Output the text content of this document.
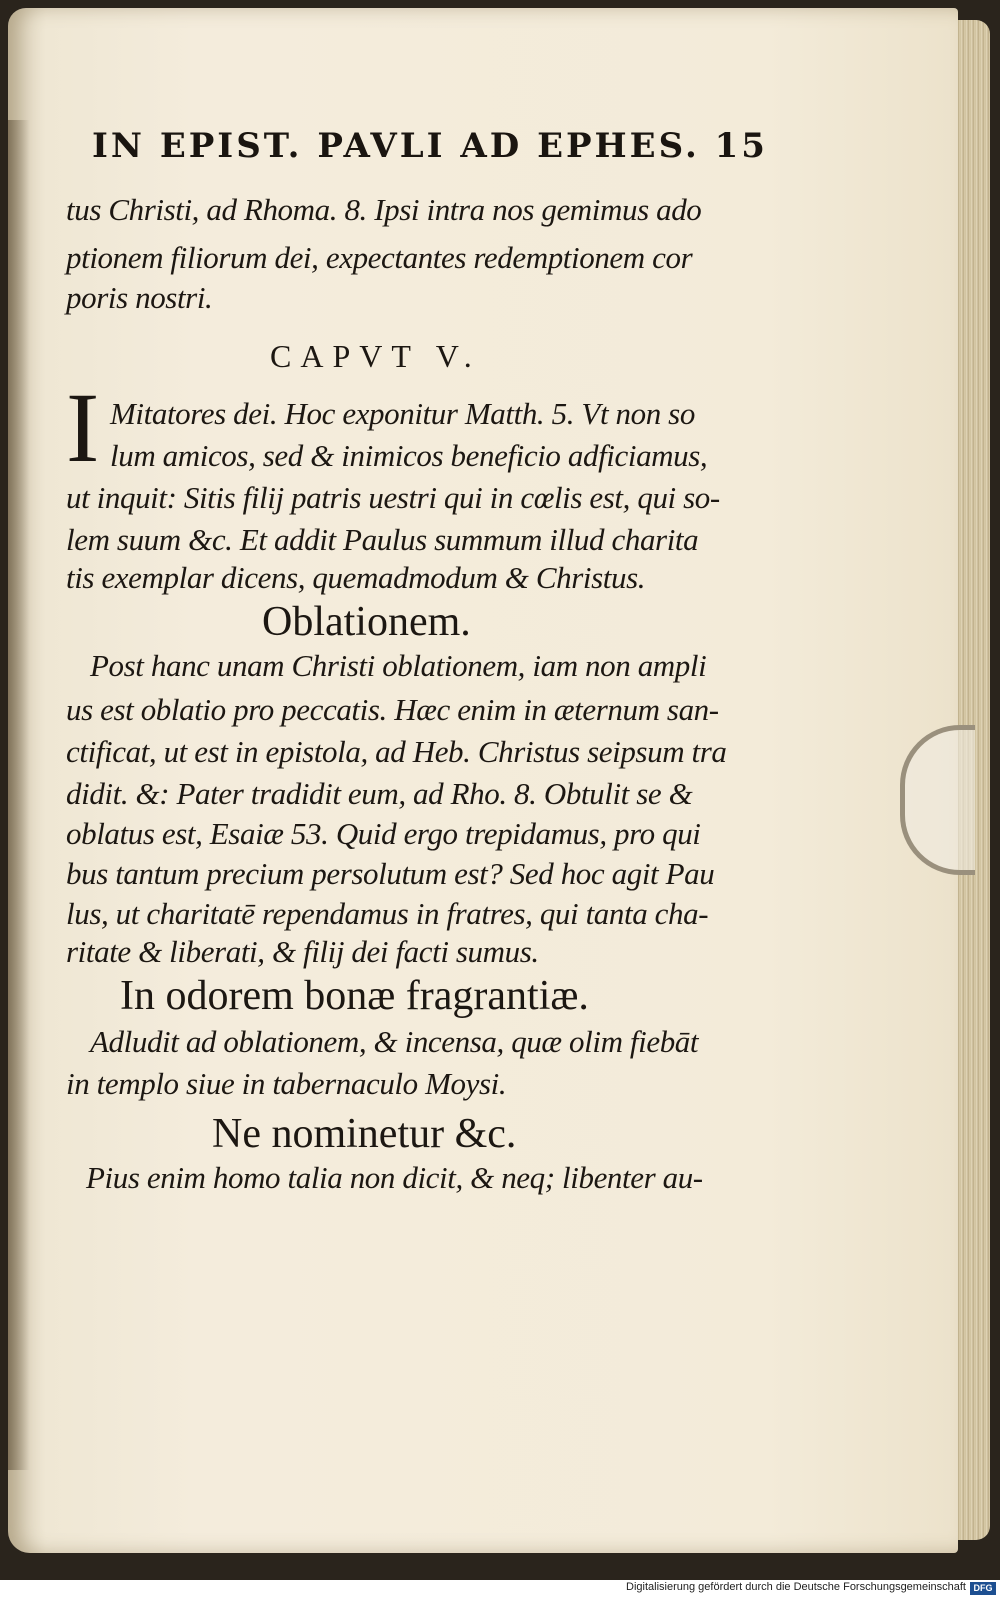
IN EPIST. PAVLI AD EPHES. 15
tus Christi, ad Rhoma. 8. Ipsi intra nos gemimus ado
ptionem filiorum dei, expectantes redemptionem cor
poris nostri.
CAPVT V.
I Mitatores dei. Hoc exponitur Matth. 5. Vt non so
lum amicos, sed & inimicos beneficio adficiamus,
ut inquit: Sitis filij patris uestri qui in cœlis est, qui so-
lem suum &c. Et addit Paulus summum illud charita
tis exemplar dicens, quemadmodum & Christus.
Oblationem.
Post hanc unam Christi oblationem, iam non ampli
us est oblatio pro peccatis. Hæc enim in æternum san-
ctificat, ut est in epistola, ad Heb. Christus seipsum tra
didit. &: Pater tradidit eum, ad Rho. 8. Obtulit se &
oblatus est, Esaiæ 53. Quid ergo trepidamus, pro qui
bus tantum precium persolutum est? Sed hoc agit Pau
lus, ut charitatē rependamus in fratres, qui tanta cha-
ritate & liberati, & filij dei facti sumus.
In odorem bonæ fragrantiæ.
Adludit ad oblationem, & incensa, quæ olim fiebāt
in templo siue in tabernaculo Moysi.
Ne nominetur &c.
Pius enim homo talia non dicit, & neq; libenter au-
Digitalisierung gefördert durch die Deutsche Forschungsgemeinschaft DFG
